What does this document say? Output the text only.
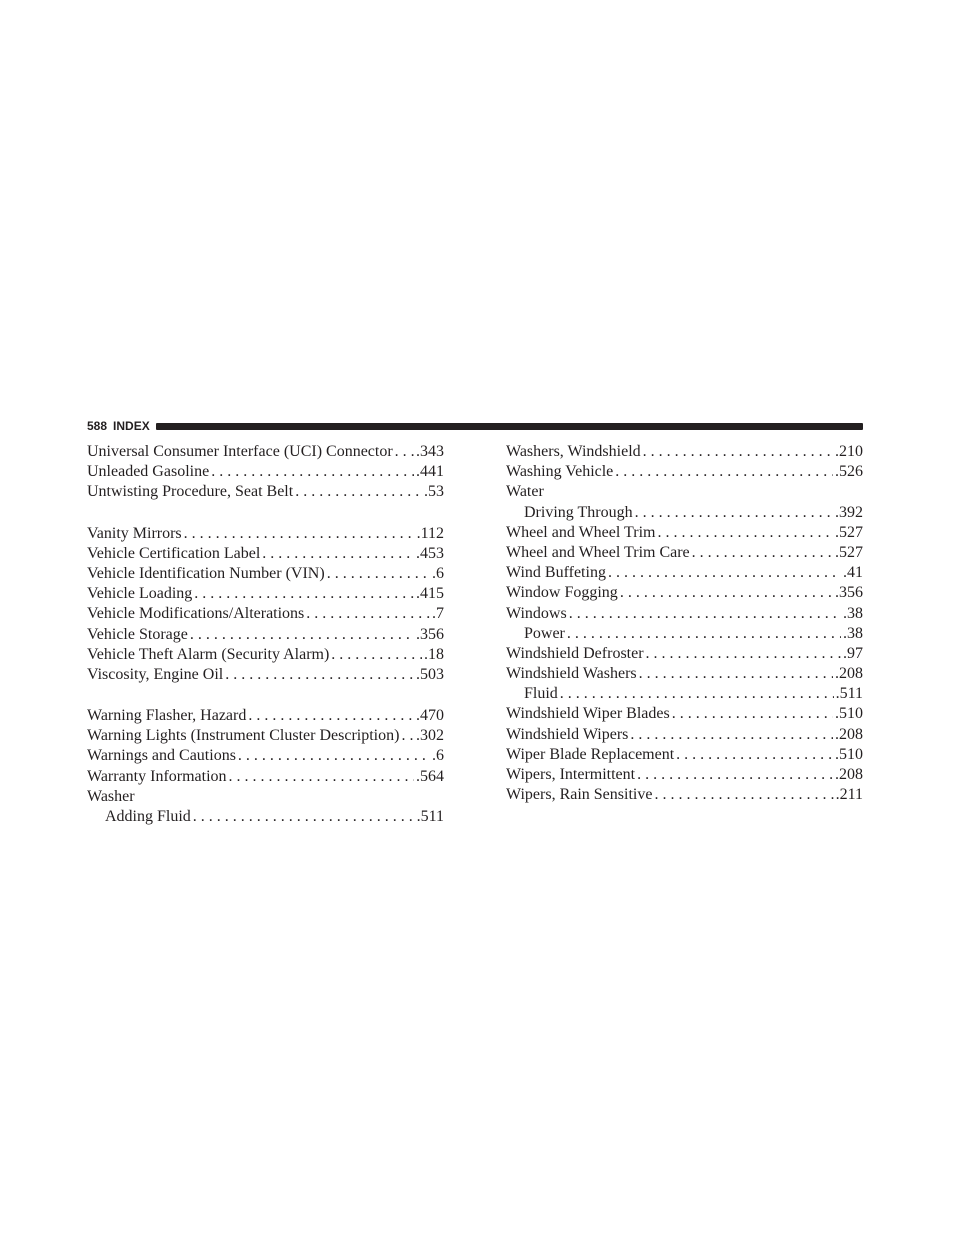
588 INDEX
Universal Consumer Interface (UCI) Connector . . . .343
Unleaded Gasoline . . .	.441
Untwisting Procedure, Seat Belt . . .	.53
Vanity Mirrors . . .	.112
Vehicle Certification Label . . .	.453
Vehicle Identification Number (VIN) . . .	.6
Vehicle Loading . . .	.415
Vehicle Modifications/Alterations . . .	.7
Vehicle Storage . . .	.356
Vehicle Theft Alarm (Security Alarm) . . .	.18
Viscosity, Engine Oil . . .	.503
Warning Flasher, Hazard . . .	.470
Warning Lights (Instrument Cluster Description) . . . .302
Warnings and Cautions . . .	.6
Warranty Information . . .	.564
Washer
Adding Fluid . . .	.511
Washers, Windshield . . .	.210
Washing Vehicle . . .	.526
Water
Driving Through . . .	.392
Wheel and Wheel Trim . . .	.527
Wheel and Wheel Trim Care . . .	.527
Wind Buffeting . . .	.41
Window Fogging . . .	.356
Windows . . .	.38
Power . . .	.38
Windshield Defroster . . .	.97
Windshield Washers . . .	.208
Fluid . . .	.511
Windshield Wiper Blades . . .	.510
Windshield Wipers . . .	.208
Wiper Blade Replacement . . .	.510
Wipers, Intermittent . . .	.208
Wipers, Rain Sensitive . . .	.211
